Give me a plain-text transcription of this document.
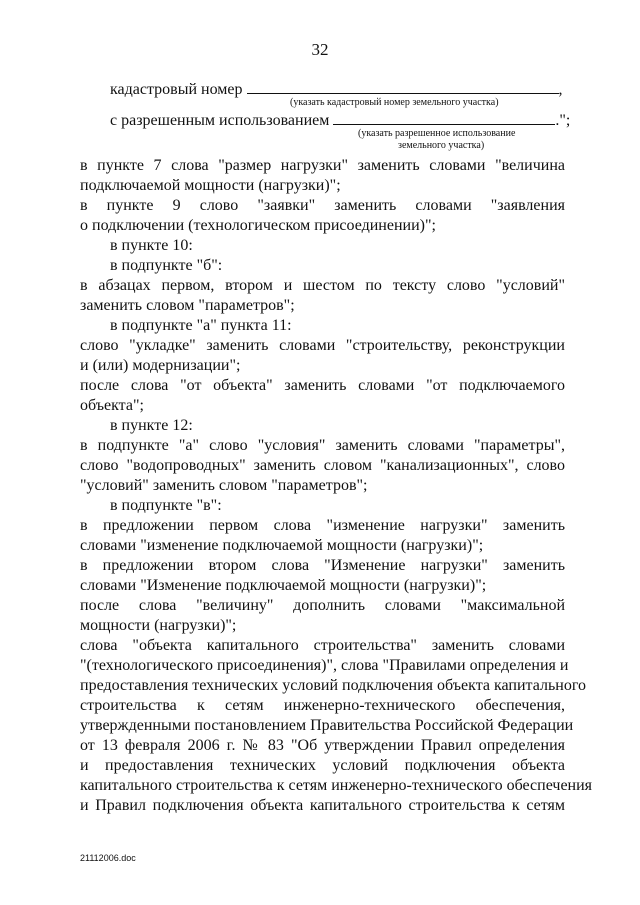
32
кадастровый номер	,
(указать кадастровый номер земельного участка)
с разрешенным использованием	.";
(указать разрешенное использование
земельного участка)
в пункте 7 слова "размер нагрузки" заменить словами "величина
подключаемой мощности (нагрузки)";
в пункте 9 слово "заявки" заменить словами "заявления
о подключении (технологическом присоединении)";
в пункте 10:
в подпункте "б":
в абзацах первом, втором и шестом по тексту слово "условий"
заменить словом "параметров";
в подпункте "а" пункта 11:
слово "укладке" заменить словами "строительству, реконструкции
и (или) модернизации";
после слова "от объекта" заменить словами "от подключаемого
объекта";
в пункте 12:
в подпункте "а" слово "условия" заменить словами "параметры",
слово "водопроводных" заменить словом "канализационных", слово
"условий" заменить словом "параметров";
в подпункте "в":
в предложении первом слова "изменение нагрузки" заменить
словами "изменение подключаемой мощности (нагрузки)";
в предложении втором слова "Изменение нагрузки" заменить
словами "Изменение подключаемой мощности (нагрузки)";
после слова "величину" дополнить словами "максимальной
мощности (нагрузки)";
слова "объекта капитального строительства" заменить словами
"(технологического присоединения)", слова "Правилами определения и
предоставления технических условий подключения объекта капитального
строительства к сетям инженерно-технического обеспечения,
утвержденными постановлением Правительства Российской Федерации
от 13 февраля 2006 г. № 83 "Об утверждении Правил определения
и предоставления технических условий подключения объекта
капитального строительства к сетям инженерно-технического обеспечения
и Правил подключения объекта капитального строительства к сетям
21112006.doc
